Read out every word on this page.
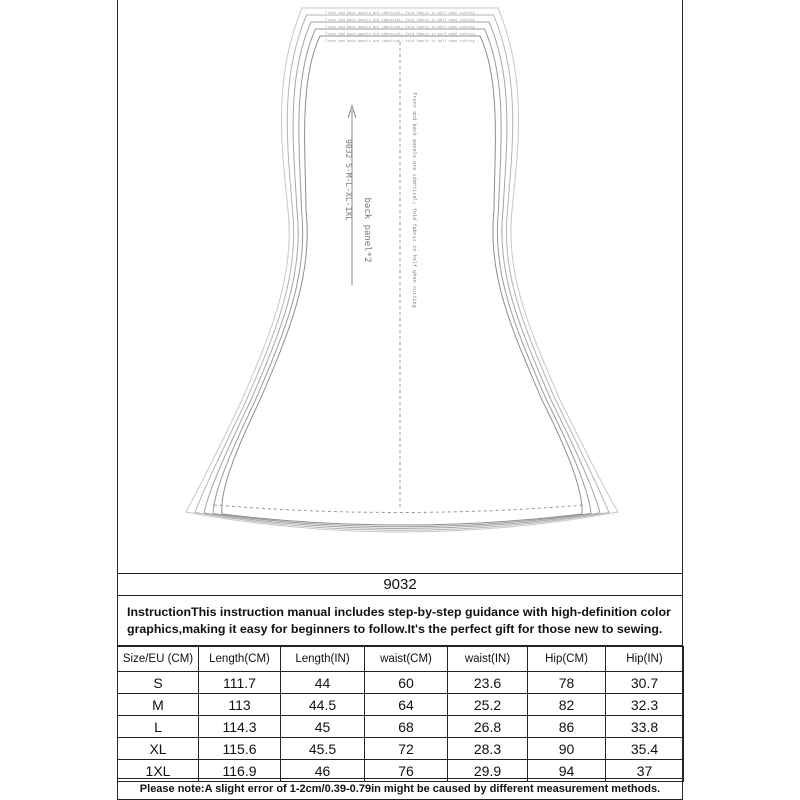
Front and back panels are identical; fold fabric in half when cutting
Front and back panels are identical; fold fabric in half when cutting
Front and back panels are identical; fold fabric in half when cutting
Front and back panels are identical; fold fabric in half when cutting
Front and back panels are identical; fold fabric in half when cutting
back panel*2
9032 S-M-L-XL-1XL	Front and back panels are identical; fold fabric in half when cutting
9032
InstructionThis instruction manual includes step-by-step guidance with high-definition color graphics,making it easy for beginners to follow.It's the perfect gift for those new to sewing.
Size/EU (CM)	Length(CM)	Length(IN)	waist(CM)	waist(IN)	Hip(CM)	Hip(IN)
S	111.7	44	60	23.6	78	30.7
M	113	44.5	64	25.2	82	32.3
L	114.3	45	68	26.8	86	33.8
XL	115.6	45.5	72	28.3	90	35.4
1XL	116.9	46	76	29.9	94	37
Please note:A slight error of 1-2cm/0.39-0.79in might be caused by different measurement methods.
